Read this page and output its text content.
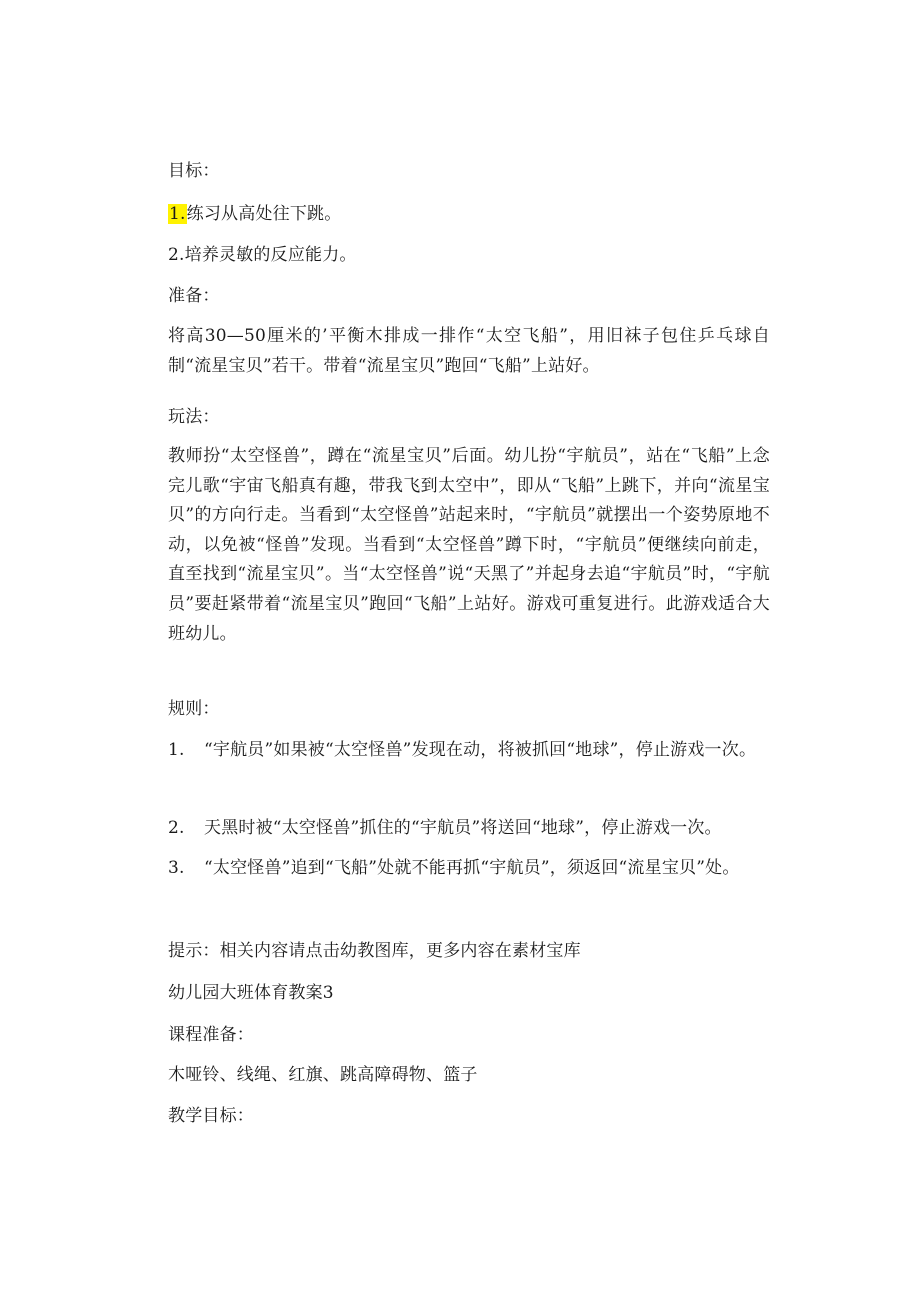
目标：
1.练习从高处往下跳。
2.培养灵敏的反应能力。
准备：
将高30—50厘米的’平衡木排成一排作“太空飞船”，用旧袜子包住乒乓球自制“流星宝贝”若干。带着“流星宝贝”跑回“飞船”上站好。
玩法：
教师扮“太空怪兽”，蹲在“流星宝贝”后面。幼儿扮“宇航员”，站在“飞船”上念完儿歌“宇宙飞船真有趣，带我飞到太空中”，即从“飞船”上跳下，并向“流星宝贝”的方向行走。当看到“太空怪兽”站起来时，“宇航员”就摆出一个姿势原地不动，以免被“怪兽”发现。当看到“太空怪兽”蹲下时，“宇航员”便继续向前走，直至找到“流星宝贝”。当“太空怪兽”说“天黑了”并起身去追“宇航员”时，“宇航员”要赶紧带着“流星宝贝”跑回“飞船”上站好。游戏可重复进行。此游戏适合大班幼儿。
规则：
1. “宇航员”如果被“太空怪兽”发现在动，将被抓回“地球”，停止游戏一次。
2. 天黑时被“太空怪兽”抓住的“宇航员”将送回“地球”，停止游戏一次。
3. “太空怪兽”追到“飞船”处就不能再抓“宇航员”，须返回“流星宝贝”处。
提示：相关内容请点击幼教图库，更多内容在素材宝库
幼儿园大班体育教案3
课程准备：
木哑铃、线绳、红旗、跳高障碍物、篮子
教学目标：
